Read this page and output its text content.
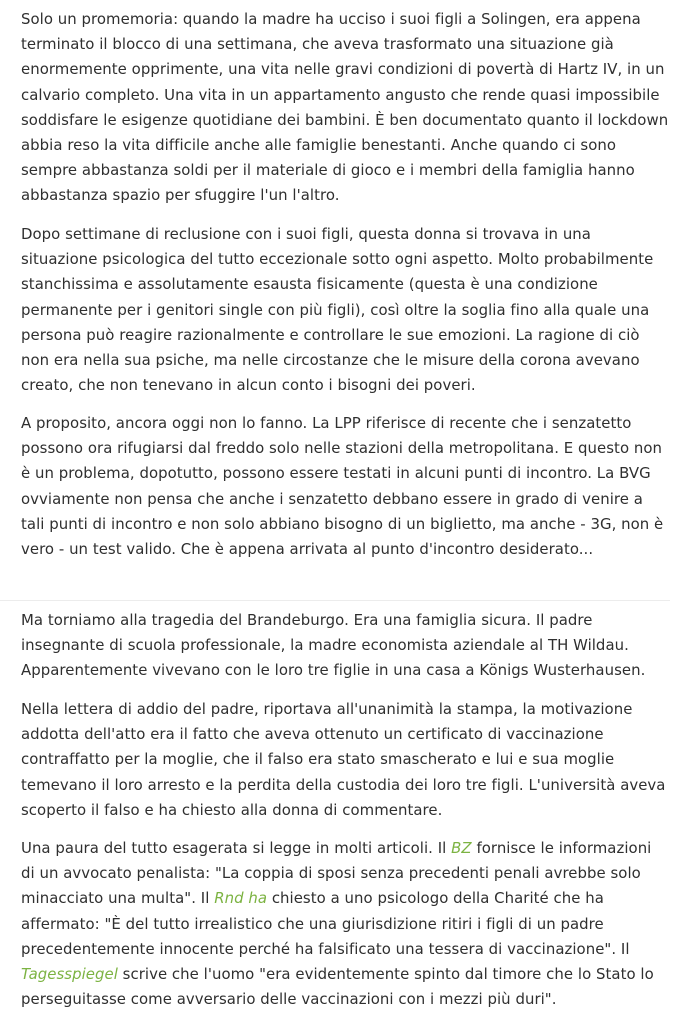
Solo un promemoria: quando la madre ha ucciso i suoi figli a Solingen, era appena terminato il blocco di una settimana, che aveva trasformato una situazione già enormemente opprimente, una vita nelle gravi condizioni di povertà di Hartz IV, in un calvario completo. Una vita in un appartamento angusto che rende quasi impossibile soddisfare le esigenze quotidiane dei bambini. È ben documentato quanto il lockdown abbia reso la vita difficile anche alle famiglie benestanti. Anche quando ci sono sempre abbastanza soldi per il materiale di gioco e i membri della famiglia hanno abbastanza spazio per sfuggire l'un l'altro.

Dopo settimane di reclusione con i suoi figli, questa donna si trovava in una situazione psicologica del tutto eccezionale sotto ogni aspetto. Molto probabilmente stanchissima e assolutamente esausta fisicamente (questa è una condizione permanente per i genitori single con più figli), così oltre la soglia fino alla quale una persona può reagire razionalmente e controllare le sue emozioni. La ragione di ciò non era nella sua psiche, ma nelle circostanze che le misure della corona avevano creato, che non tenevano in alcun conto i bisogni dei poveri.

A proposito, ancora oggi non lo fanno. La LPP riferisce di recente che i senzatetto possono ora rifugiarsi dal freddo solo nelle stazioni della metropolitana. E questo non è un problema, dopotutto, possono essere testati in alcuni punti di incontro. La BVG ovviamente non pensa che anche i senzatetto debbano essere in grado di venire a tali punti di incontro e non solo abbiano bisogno di un biglietto, ma anche - 3G, non è vero - un test valido. Che è appena arrivata al punto d'incontro desiderato...

Ma torniamo alla tragedia del Brandeburgo. Era una famiglia sicura. Il padre insegnante di scuola professionale, la madre economista aziendale al TH Wildau. Apparentemente vivevano con le loro tre figlie in una casa a Königs Wusterhausen.

Nella lettera di addio del padre, riportava all'unanimità la stampa, la motivazione addotta dell'atto era il fatto che aveva ottenuto un certificato di vaccinazione contraffatto per la moglie, che il falso era stato smascherato e lui e sua moglie temevano il loro arresto e la perdita della custodia dei loro tre figli. L'università aveva scoperto il falso e ha chiesto alla donna di commentare.

Una paura del tutto esagerata si legge in molti articoli. Il BZ fornisce le informazioni di un avvocato penalista: "La coppia di sposi senza precedenti penali avrebbe solo minacciato una multa". Il Rnd ha chiesto a uno psicologo della Charité che ha affermato: "È del tutto irrealistico che una giurisdizione ritiri i figli di un padre precedentemente innocente perché ha falsificato una tessera di vaccinazione". Il Tagesspiegel scrive che l'uomo "era evidentemente spinto dal timore che lo Stato lo perseguitasse come avversario delle vaccinazioni con i mezzi più duri".
